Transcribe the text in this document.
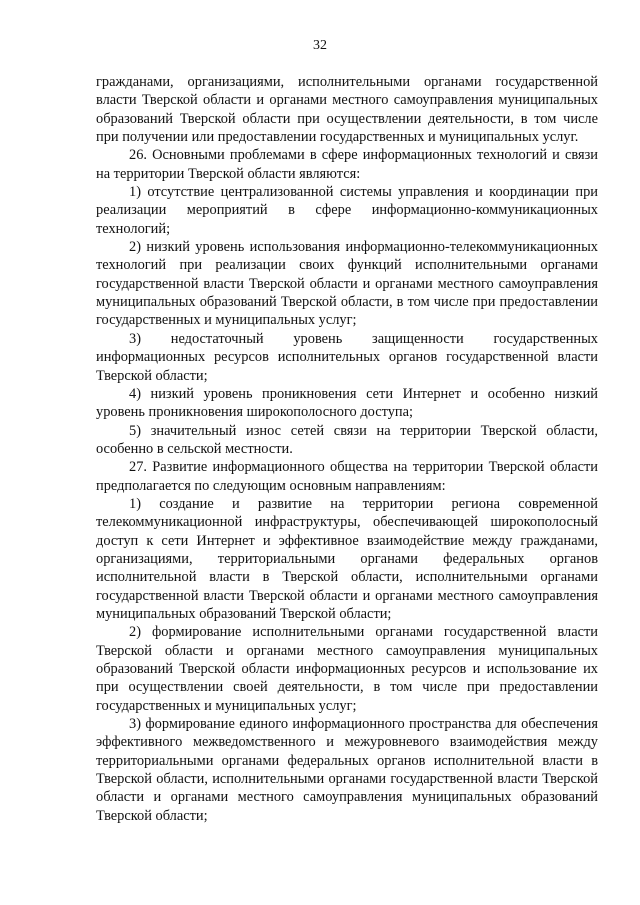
32

гражданами, организациями, исполнительными органами государственной власти Тверской области и органами местного самоуправления муниципальных образований Тверской области при осуществлении деятельности, в том числе при получении или предоставлении государственных и муниципальных услуг.

26. Основными проблемами в сфере информационных технологий и связи на территории Тверской области являются:

1) отсутствие централизованной системы управления и координации при реализации мероприятий в сфере информационно-коммуникационных технологий;

2) низкий уровень использования информационно-телекоммуникационных технологий при реализации своих функций исполнительными органами государственной власти Тверской области и органами местного самоуправления муниципальных образований Тверской области, в том числе при предоставлении государственных и муниципальных услуг;

3) недостаточный уровень защищенности государственных информационных ресурсов исполнительных органов государственной власти Тверской области;

4) низкий уровень проникновения сети Интернет и особенно низкий уровень проникновения широкополосного доступа;

5) значительный износ сетей связи на территории Тверской области, особенно в сельской местности.

27. Развитие информационного общества на территории Тверской области предполагается по следующим основным направлениям:

1) создание и развитие на территории региона современной телекоммуникационной инфраструктуры, обеспечивающей широкополосный доступ к сети Интернет и эффективное взаимодействие между гражданами, организациями, территориальными органами федеральных органов исполнительной власти в Тверской области, исполнительными органами государственной власти Тверской области и органами местного самоуправления муниципальных образований Тверской области;

2) формирование исполнительными органами государственной власти Тверской области и органами местного самоуправления муниципальных образований Тверской области информационных ресурсов и использование их при осуществлении своей деятельности, в том числе при предоставлении государственных и муниципальных услуг;

3) формирование единого информационного пространства для обеспечения эффективного межведомственного и межуровневого взаимодействия между территориальными органами федеральных органов исполнительной власти в Тверской области, исполнительными органами государственной власти Тверской области и органами местного самоуправления муниципальных образований Тверской области;
